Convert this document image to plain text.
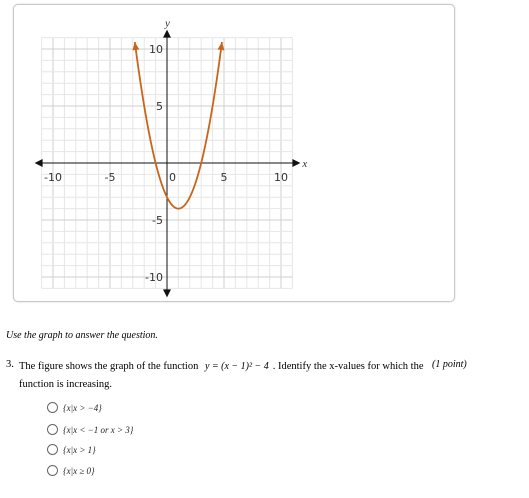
-10	-5	0	5	10
10
5
-5
-10
x
y
Use the graph to answer the question.
3. The figure shows the graph of the function y = (x − 1)² − 4 . Identify the x-values for which the function is increasing.
(1 point)
{x|x > −4}
{x|x < −1 or x > 3}
{x|x > 1}
{x|x ≥ 0}
